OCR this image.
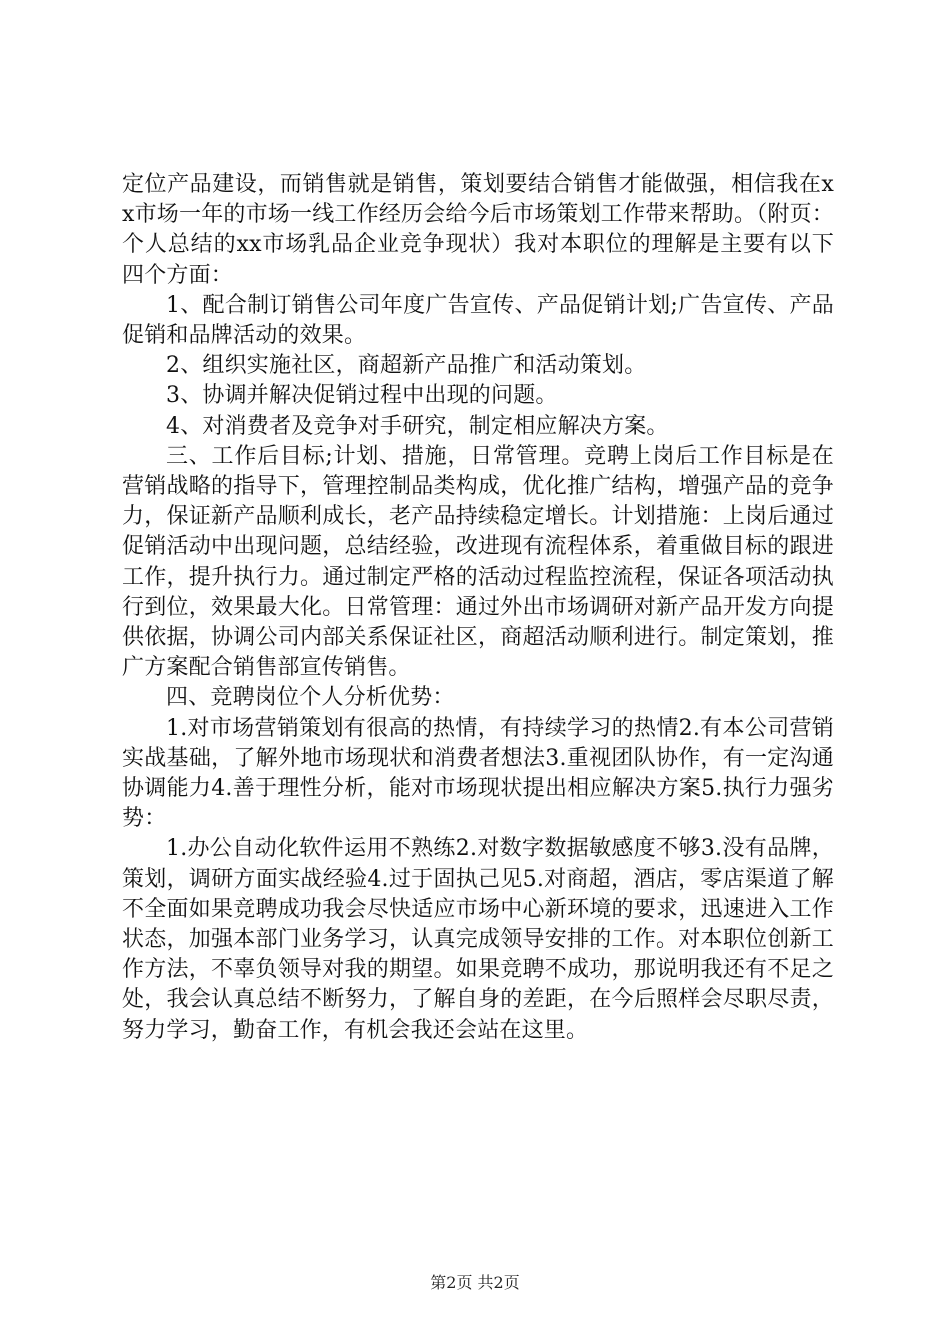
定位产品建设，而销售就是销售，策划要结合销售才能做强，相信我在xx市场一年的市场一线工作经历会给今后市场策划工作带来帮助。（附页：个人总结的xx市场乳品企业竞争现状）我对本职位的理解是主要有以下四个方面：

1、配合制订销售公司年度广告宣传、产品促销计划;广告宣传、产品促销和品牌活动的效果。

2、组织实施社区，商超新产品推广和活动策划。

3、协调并解决促销过程中出现的问题。

4、对消费者及竞争对手研究，制定相应解决方案。

三、工作后目标;计划、措施，日常管理。竞聘上岗后工作目标是在营销战略的指导下，管理控制品类构成，优化推广结构，增强产品的竞争力，保证新产品顺利成长，老产品持续稳定增长。计划措施：上岗后通过促销活动中出现问题，总结经验，改进现有流程体系，着重做目标的跟进工作，提升执行力。通过制定严格的活动过程监控流程，保证各项活动执行到位，效果最大化。日常管理：通过外出市场调研对新产品开发方向提供依据，协调公司内部关系保证社区，商超活动顺利进行。制定策划，推广方案配合销售部宣传销售。

四、竞聘岗位个人分析优势：

1.对市场营销策划有很高的热情，有持续学习的热情2.有本公司营销实战基础，了解外地市场现状和消费者想法3.重视团队协作，有一定沟通协调能力4.善于理性分析，能对市场现状提出相应解决方案5.执行力强劣势：

1.办公自动化软件运用不熟练2.对数字数据敏感度不够3.没有品牌，策划，调研方面实战经验4.过于固执己见5.对商超，酒店，零店渠道了解不全面如果竞聘成功我会尽快适应市场中心新环境的要求，迅速进入工作状态，加强本部门业务学习，认真完成领导安排的工作。对本职位创新工作方法，不辜负领导对我的期望。如果竞聘不成功，那说明我还有不足之处，我会认真总结不断努力，了解自身的差距，在今后照样会尽职尽责，努力学习，勤奋工作，有机会我还会站在这里。

第2页 共2页
